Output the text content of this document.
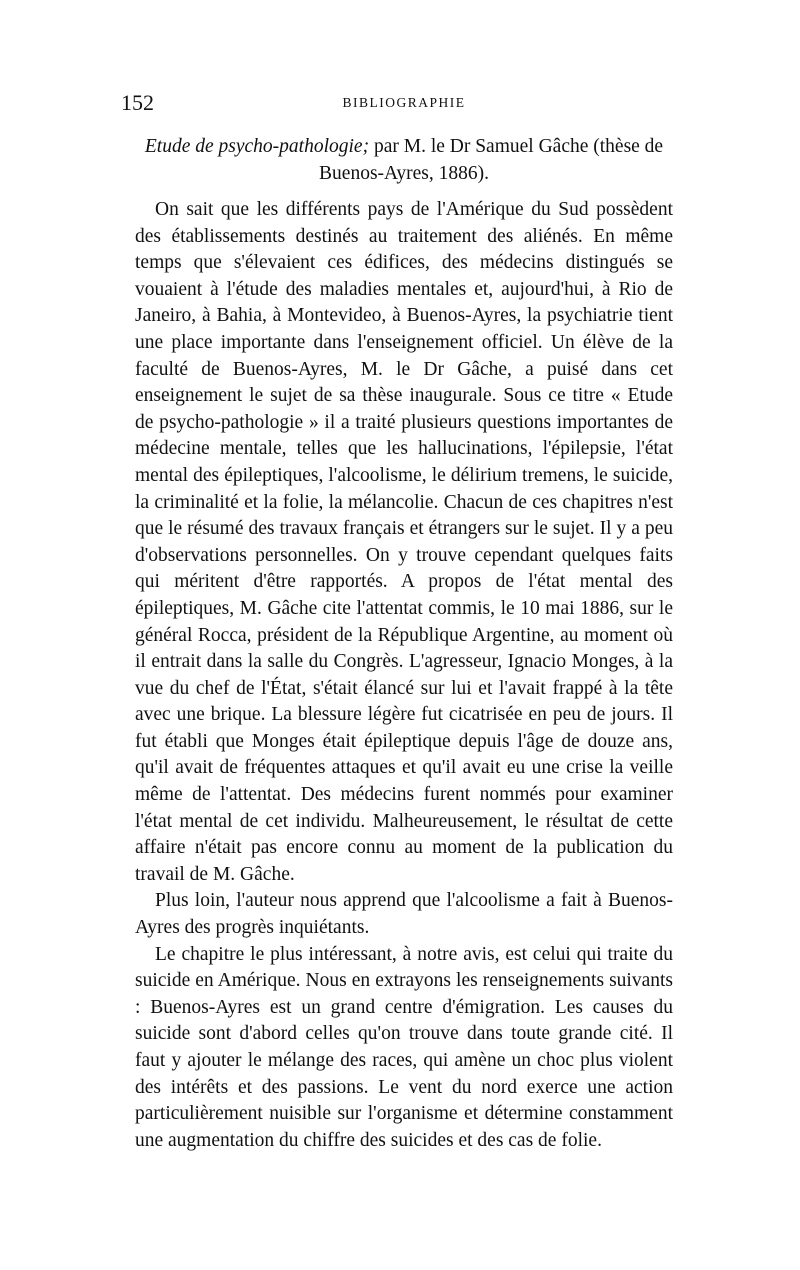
152	BIBLIOGRAPHIE

Etude de psycho-pathologie; par M. le Dr Samuel Gâche (thèse de Buenos-Ayres, 1886).

On sait que les différents pays de l'Amérique du Sud possèdent des établissements destinés au traitement des aliénés. En même temps que s'élevaient ces édifices, des médecins distingués se vouaient à l'étude des maladies mentales et, aujourd'hui, à Rio de Janeiro, à Bahia, à Montevideo, à Buenos-Ayres, la psychiatrie tient une place importante dans l'enseignement officiel. Un élève de la faculté de Buenos-Ayres, M. le Dr Gâche, a puisé dans cet enseignement le sujet de sa thèse inaugurale. Sous ce titre « Etude de psycho-pathologie » il a traité plusieurs questions importantes de médecine mentale, telles que les hallucinations, l'épilepsie, l'état mental des épileptiques, l'alcoolisme, le délirium tremens, le suicide, la criminalité et la folie, la mélancolie. Chacun de ces chapitres n'est que le résumé des travaux français et étrangers sur le sujet. Il y a peu d'observations personnelles. On y trouve cependant quelques faits qui méritent d'être rapportés. A propos de l'état mental des épileptiques, M. Gâche cite l'attentat commis, le 10 mai 1886, sur le général Rocca, président de la République Argentine, au moment où il entrait dans la salle du Congrès. L'agresseur, Ignacio Monges, à la vue du chef de l'État, s'était élancé sur lui et l'avait frappé à la tête avec une brique. La blessure légère fut cicatrisée en peu de jours. Il fut établi que Monges était épileptique depuis l'âge de douze ans, qu'il avait de fréquentes attaques et qu'il avait eu une crise la veille même de l'attentat. Des médecins furent nommés pour examiner l'état mental de cet individu. Malheureusement, le résultat de cette affaire n'était pas encore connu au moment de la publication du travail de M. Gâche.

Plus loin, l'auteur nous apprend que l'alcoolisme a fait à Buenos-Ayres des progrès inquiétants.

Le chapitre le plus intéressant, à notre avis, est celui qui traite du suicide en Amérique. Nous en extrayons les renseignements suivants : Buenos-Ayres est un grand centre d'émigration. Les causes du suicide sont d'abord celles qu'on trouve dans toute grande cité. Il faut y ajouter le mélange des races, qui amène un choc plus violent des intérêts et des passions. Le vent du nord exerce une action particulièrement nuisible sur l'organisme et détermine constamment une augmentation du chiffre des suicides et des cas de folie.
